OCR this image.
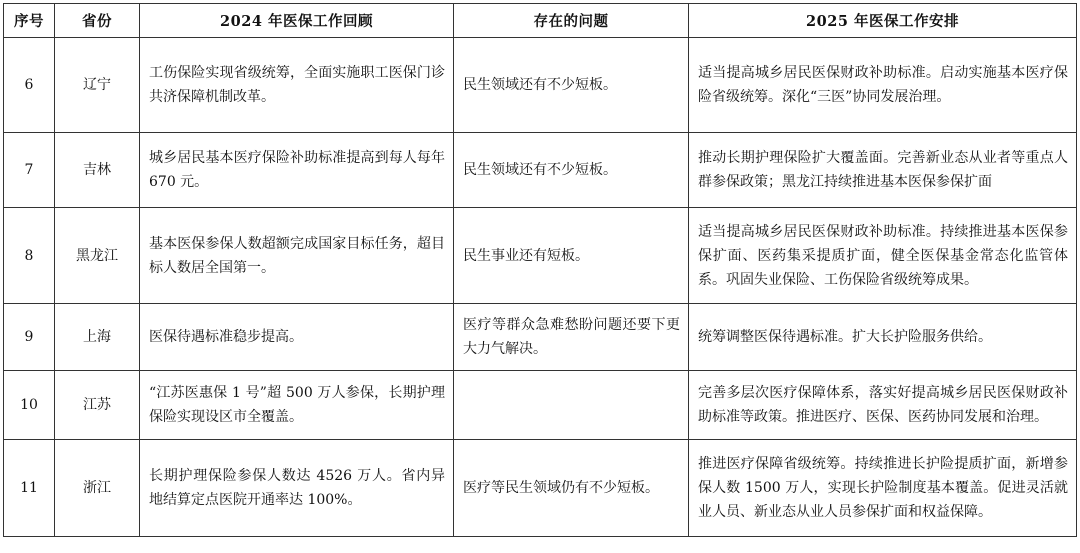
序号	省份	2024 年医保工作回顾	存在的问题	2025 年医保工作安排
6	辽宁	工伤保险实现省级统筹，全面实施职工医保门诊共济保障机制改革。	民生领域还有不少短板。	适当提高城乡居民医保财政补助标准。启动实施基本医疗保险省级统筹。深化“三医”协同发展治理。
7	吉林	城乡居民基本医疗保险补助标准提高到每人每年 670 元。	民生领域还有不少短板。	推动长期护理保险扩大覆盖面。完善新业态从业者等重点人群参保政策；黑龙江持续推进基本医保参保扩面
8	黑龙江	基本医保参保人数超额完成国家目标任务，超目标人数居全国第一。	民生事业还有短板。	适当提高城乡居民医保财政补助标准。持续推进基本医保参保扩面、医药集采提质扩面，健全医保基金常态化监管体系。巩固失业保险、工伤保险省级统筹成果。
9	上海	医保待遇标准稳步提高。	医疗等群众急难愁盼问题还要下更大力气解决。	统筹调整医保待遇标准。扩大长护险服务供给。
10	江苏	“江苏医惠保 1 号”超 500 万人参保，长期护理保险实现设区市全覆盖。		完善多层次医疗保障体系，落实好提高城乡居民医保财政补助标准等政策。推进医疗、医保、医药协同发展和治理。
11	浙江	长期护理保险参保人数达 4526 万人。省内异地结算定点医院开通率达 100%。	医疗等民生领域仍有不少短板。	推进医疗保障省级统筹。持续推进长护险提质扩面，新增参保人数 1500 万人，实现长护险制度基本覆盖。促进灵活就业人员、新业态从业人员参保扩面和权益保障。
